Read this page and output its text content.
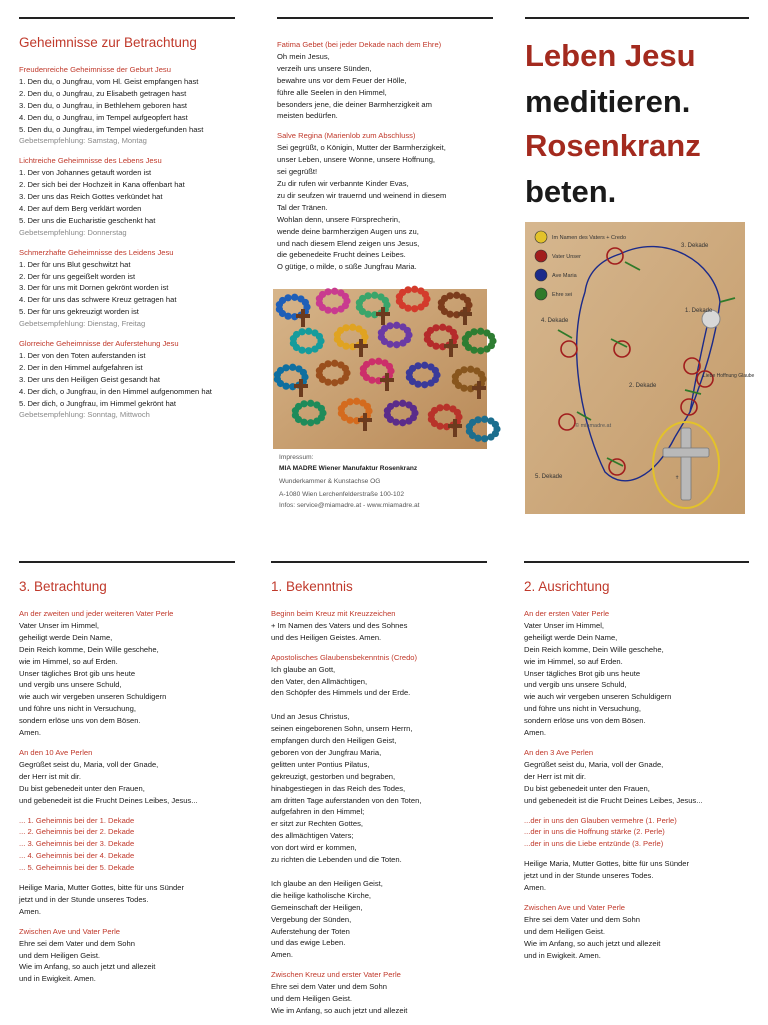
Geheimnisse zur Betrachtung
Freudenreiche Geheimnisse der Geburt Jesu
1. Den du, o Jungfrau, vom Hl. Geist empfangen hast
2. Den du, o Jungfrau, zu Elisabeth getragen hast
3. Den du, o Jungfrau, in Bethlehem geboren hast
4. Den du, o Jungfrau, im Tempel aufgeopfert hast
5. Den du, o Jungfrau, im Tempel wiedergefunden hast
Gebetsempfehlung: Samstag, Montag
Lichtreiche Geheimnisse des Lebens Jesu
1. Der von Johannes getauft worden ist
2. Der sich bei der Hochzeit in Kana offenbart hat
3. Der uns das Reich Gottes verkündet hat
4. Der auf dem Berg verklärt worden
5. Der uns die Eucharistie geschenkt hat
Gebetsempfehlung: Donnerstag
Schmerzhafte Geheimnisse des Leidens Jesu
1. Der für uns Blut geschwitzt hat
2. Der für uns gegeißelt worden ist
3. Der für uns mit Dornen gekrönt worden ist
4. Der für uns das schwere Kreuz getragen hat
5. Der für uns gekreuzigt worden ist
Gebetsempfehlung: Dienstag, Freitag
Glorreiche Geheimnisse der Auferstehung Jesu
1. Der von den Toten auferstanden ist
2. Der in den Himmel aufgefahren ist
3. Der uns den Heiligen Geist gesandt hat
4. Der dich, o Jungfrau, in den Himmel aufgenommen hat
5. Der dich, o Jungfrau, im Himmel gekrönt hat
Gebetsempfehlung: Sonntag, Mittwoch
Fatima Gebet (bei jeder Dekade nach dem Ehre)
Oh mein Jesus,
verzeih uns unsere Sünden,
bewahre uns vor dem Feuer der Hölle,
führe alle Seelen in den Himmel,
besonders jene, die deiner Barmherzigkeit am
meisten bedürfen.
Salve Regina (Marienlob zum Abschluss)
Sei gegrüßt, o Königin, Mutter der Barmherzigkeit,
unser Leben, unsere Wonne, unsere Hoffnung,
sei gegrüßt!
Zu dir rufen wir verbannte Kinder Evas,
zu dir seufzen wir trauernd und weinend in diesem
Tal der Tränen.
Wohlan denn, unsere Fürsprecherin,
wende deine barmherzigen Augen uns zu,
und nach diesem Elend zeigen uns Jesus,
die gebenedeite Frucht deines Leibes.
O gütige, o milde, o süße Jungfrau Maria.
Impressum:
MIA MADRE Wiener Manufaktur Rosenkranz
Wunderkammer & Kunstachse OG
A-1080 Wien Lerchenfelderstraße 100-102
Infos: service@miamadre.at - www.miamadre.at
Leben Jesu
meditieren.
Rosenkranz
beten.
Im Namen des Vaters + Credo
Vater Unser
Ave Maria
Ehre sei
✝
3. Dekade
1. Dekade
4. Dekade
2. Dekade
5. Dekade
© miamadre.at
Liebe Hoffnung Glaube
3. Betrachtung
An der zweiten und jeder weiteren Vater Perle
Vater Unser im Himmel,
geheiligt werde Dein Name,
Dein Reich komme, Dein Wille geschehe,
wie im Himmel, so auf Erden.
Unser tägliches Brot gib uns heute
und vergib uns unsere Schuld,
wie auch wir vergeben unseren Schuldigern
und führe uns nicht in Versuchung,
sondern erlöse uns von dem Bösen.
Amen.
An den 10 Ave Perlen
Gegrüßet seist du, Maria, voll der Gnade,
der Herr ist mit dir.
Du bist gebenedeit unter den Frauen,
und gebenedeit ist die Frucht Deines Leibes, Jesus...
... 1. Geheimnis bei der 1. Dekade
... 2. Geheimnis bei der 2. Dekade
... 3. Geheimnis bei der 3. Dekade
... 4. Geheimnis bei der 4. Dekade
... 5. Geheimnis bei der 5. Dekade
Heilige Maria, Mutter Gottes, bitte für uns Sünder
jetzt und in der Stunde unseres Todes.
Amen.
Zwischen Ave und Vater Perle
Ehre sei dem Vater und dem Sohn
und dem Heiligen Geist.
Wie im Anfang, so auch jetzt und allezeit
und in Ewigkeit. Amen.
1. Bekenntnis
Beginn beim Kreuz mit Kreuzzeichen
+ Im Namen des Vaters und des Sohnes
und des Heiligen Geistes. Amen.
Apostolisches Glaubensbekenntnis (Credo)
Ich glaube an Gott,
den Vater, den Allmächtigen,
den Schöpfer des Himmels und der Erde.
Und an Jesus Christus,
seinen eingeborenen Sohn, unsern Herrn,
empfangen durch den Heiligen Geist,
geboren von der Jungfrau Maria,
gelitten unter Pontius Pilatus,
gekreuzigt, gestorben und begraben,
hinabgestiegen in das Reich des Todes,
am dritten Tage auferstanden von den Toten,
aufgefahren in den Himmel;
er sitzt zur Rechten Gottes,
des allmächtigen Vaters;
von dort wird er kommen,
zu richten die Lebenden und die Toten.
Ich glaube an den Heiligen Geist,
die heilige katholische Kirche,
Gemeinschaft der Heiligen,
Vergebung der Sünden,
Auferstehung der Toten
und das ewige Leben.
Amen.
Zwischen Kreuz und erster Vater Perle
Ehre sei dem Vater und dem Sohn
und dem Heiligen Geist.
Wie im Anfang, so auch jetzt und allezeit
2. Ausrichtung
An der ersten Vater Perle
Vater Unser im Himmel,
geheiligt werde Dein Name,
Dein Reich komme, Dein Wille geschehe,
wie im Himmel, so auf Erden.
Unser tägliches Brot gib uns heute
und vergib uns unsere Schuld,
wie auch wir vergeben unseren Schuldigern
und führe uns nicht in Versuchung,
sondern erlöse uns von dem Bösen.
Amen.
An den 3 Ave Perlen
Gegrüßet seist du, Maria, voll der Gnade,
der Herr ist mit dir.
Du bist gebenedeit unter den Frauen,
und gebenedeit ist die Frucht Deines Leibes, Jesus...
...der in uns den Glauben vermehre (1. Perle)
...der in uns die Hoffnung stärke (2. Perle)
...der in uns die Liebe entzünde (3. Perle)
Heilige Maria, Mutter Gottes, bitte für uns Sünder
jetzt und in der Stunde unseres Todes.
Amen.
Zwischen Ave und Vater Perle
Ehre sei dem Vater und dem Sohn
und dem Heiligen Geist.
Wie im Anfang, so auch jetzt und allezeit
und in Ewigkeit. Amen.
